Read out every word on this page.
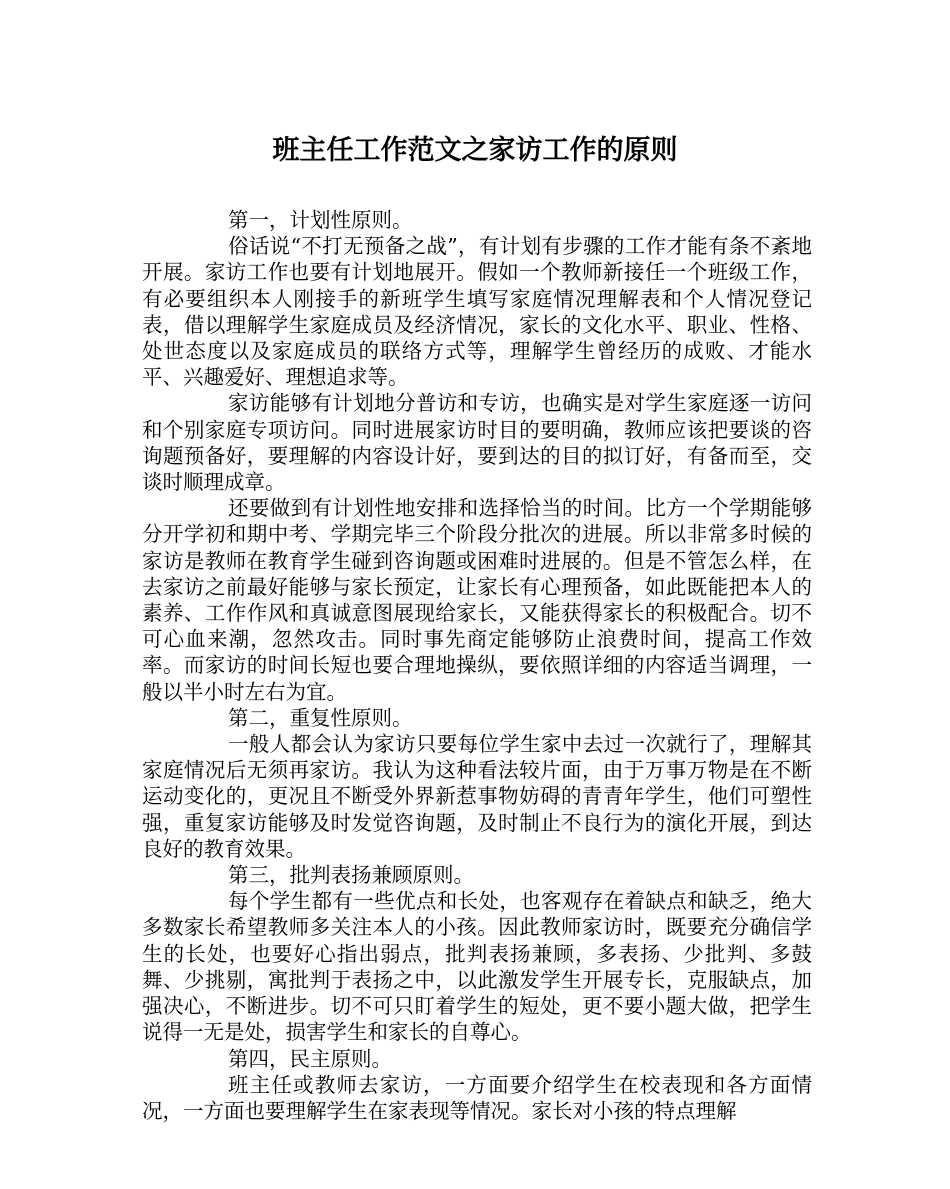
班主任工作范文之家访工作的原则

第一，计划性原则。

俗话说“不打无预备之战”，有计划有步骤的工作才能有条不紊地开展。家访工作也要有计划地展开。假如一个教师新接任一个班级工作，有必要组织本人刚接手的新班学生填写家庭情况理解表和个人情况登记表，借以理解学生家庭成员及经济情况，家长的文化水平、职业、性格、处世态度以及家庭成员的联络方式等，理解学生曾经历的成败、才能水平、兴趣爱好、理想追求等。

家访能够有计划地分普访和专访，也确实是对学生家庭逐一访问和个别家庭专项访问。同时进展家访时目的要明确，教师应该把要谈的咨询题预备好，要理解的内容设计好，要到达的目的拟订好，有备而至，交谈时顺理成章。

还要做到有计划性地安排和选择恰当的时间。比方一个学期能够分开学初和期中考、学期完毕三个阶段分批次的进展。所以非常多时候的家访是教师在教育学生碰到咨询题或困难时进展的。但是不管怎么样，在去家访之前最好能够与家长预定，让家长有心理预备，如此既能把本人的素养、工作作风和真诚意图展现给家长，又能获得家长的积极配合。切不可心血来潮，忽然攻击。同时事先商定能够防止浪费时间，提高工作效率。而家访的时间长短也要合理地操纵，要依照详细的内容适当调理，一般以半小时左右为宜。

第二，重复性原则。

一般人都会认为家访只要每位学生家中去过一次就行了，理解其家庭情况后无须再家访。我认为这种看法较片面，由于万事万物是在不断运动变化的，更况且不断受外界新惹事物妨碍的青青年学生，他们可塑性强，重复家访能够及时发觉咨询题，及时制止不良行为的演化开展，到达良好的教育效果。

第三，批判表扬兼顾原则。

每个学生都有一些优点和长处，也客观存在着缺点和缺乏，绝大多数家长希望教师多关注本人的小孩。因此教师家访时，既要充分确信学生的长处，也要好心指出弱点，批判表扬兼顾，多表扬、少批判、多鼓舞、少挑剔，寓批判于表扬之中，以此激发学生开展专长，克服缺点，加强决心，不断进步。切不可只盯着学生的短处，更不要小题大做，把学生说得一无是处，损害学生和家长的自尊心。

第四，民主原则。

班主任或教师去家访，一方面要介绍学生在校表现和各方面情况，一方面也要理解学生在家表现等情况。家长对小孩的特点理解
